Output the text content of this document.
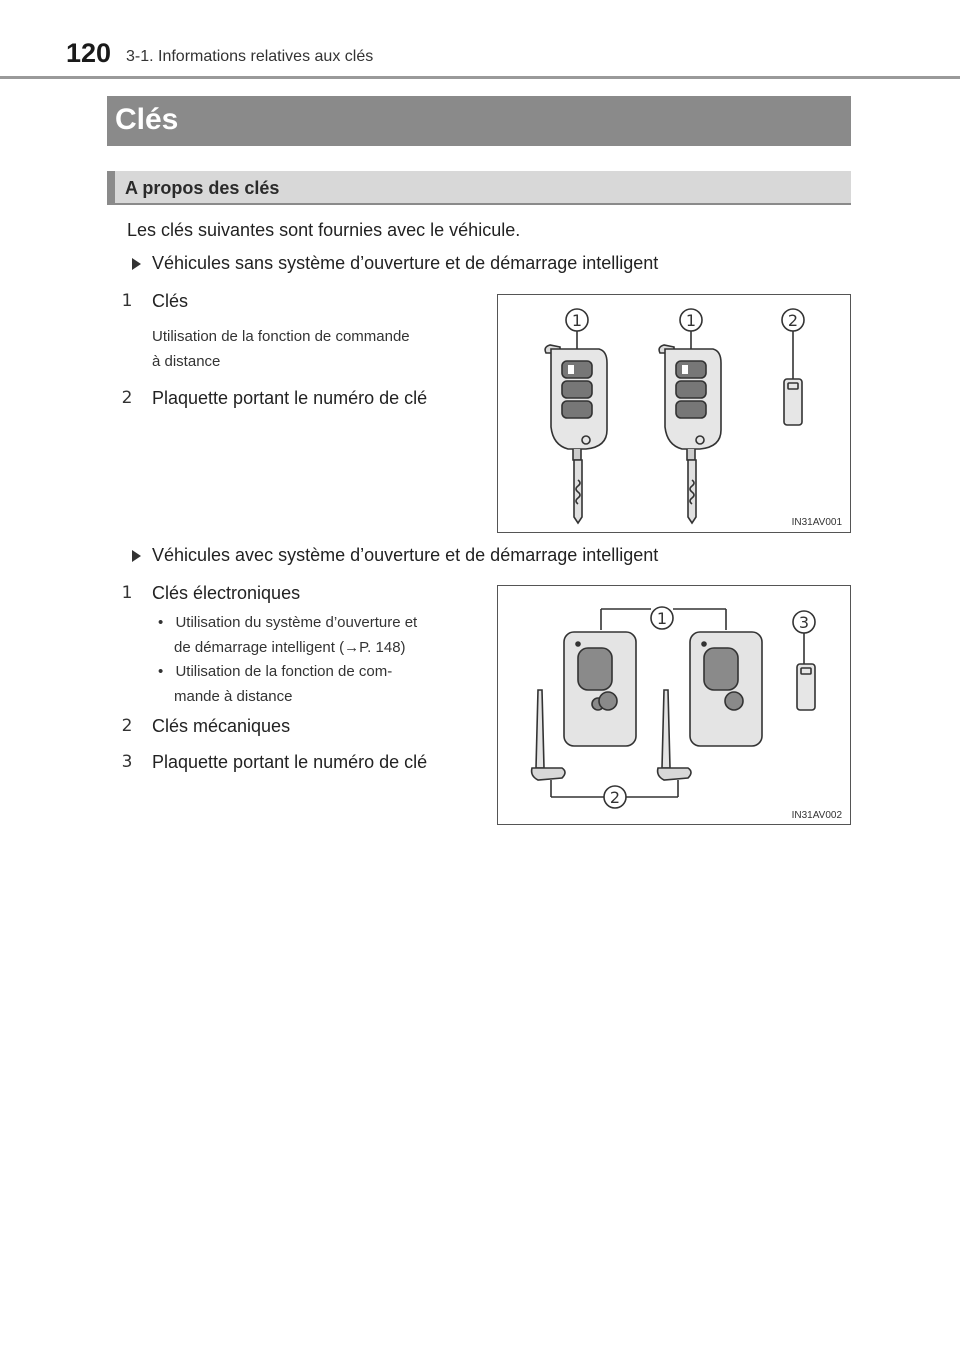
120 3-1. Informations relatives aux clés
Clés
A propos des clés
Les clés suivantes sont fournies avec le véhicule.
Véhicules sans système d’ouverture et de démarrage intelligent
1	Clés
Utilisation de la fonction de commande
à distance
2	Plaquette portant le numéro de clé
1	1	2
IN31AV001
Véhicules avec système d’ouverture et de démarrage intelligent
1	Clés électroniques
• Utilisation du système d’ouverture et
de démarrage intelligent (→P. 148)
• Utilisation de la fonction de com-
mande à distance
2	Clés mécaniques
3	Plaquette portant le numéro de clé
1	3
2
IN31AV002
